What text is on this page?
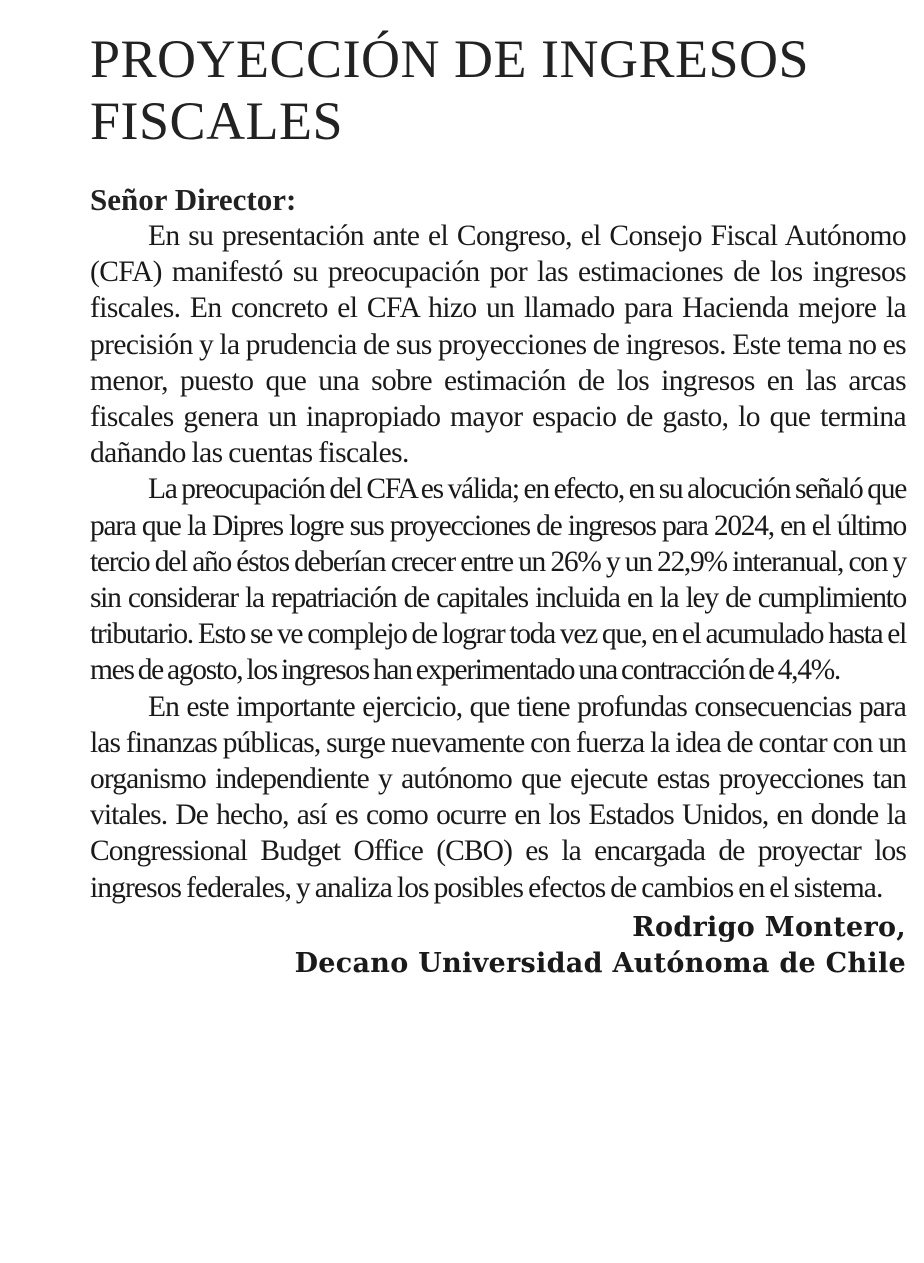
PROYECCIÓN DE INGRESOS FISCALES
Señor Director:

En su presentación ante el Congreso, el Consejo Fiscal Autónomo (CFA) manifestó su preocupación por las estimaciones de los ingresos fiscales. En concreto el CFA hizo un llamado para Hacienda mejore la precisión y la prudencia de sus proyecciones de ingresos. Este tema no es menor, puesto que una sobre estimación de los ingresos en las arcas fiscales genera un inapropiado mayor espacio de gasto, lo que termina dañando las cuentas fiscales.

La preocupación del CFA es válida; en efecto, en su alocución señaló que para que la Dipres logre sus proyecciones de ingresos para 2024, en el último tercio del año éstos deberían crecer entre un 26% y un 22,9% interanual, con y sin considerar la repatriación de capitales incluida en la ley de cumplimiento tributario. Esto se ve complejo de lograr toda vez que, en el acumulado hasta el mes de agosto, los ingresos han experimentado una contracción de 4,4%.

En este importante ejercicio, que tiene profundas consecuencias para las finanzas públicas, surge nuevamente con fuerza la idea de contar con un organismo independiente y autónomo que ejecute estas proyecciones tan vitales. De hecho, así es como ocurre en los Estados Unidos, en donde la Congressional Budget Office (CBO) es la encargada de proyectar los ingresos federales, y analiza los posibles efectos de cambios en el sistema.

Rodrigo Montero,
Decano Universidad Autónoma de Chile
